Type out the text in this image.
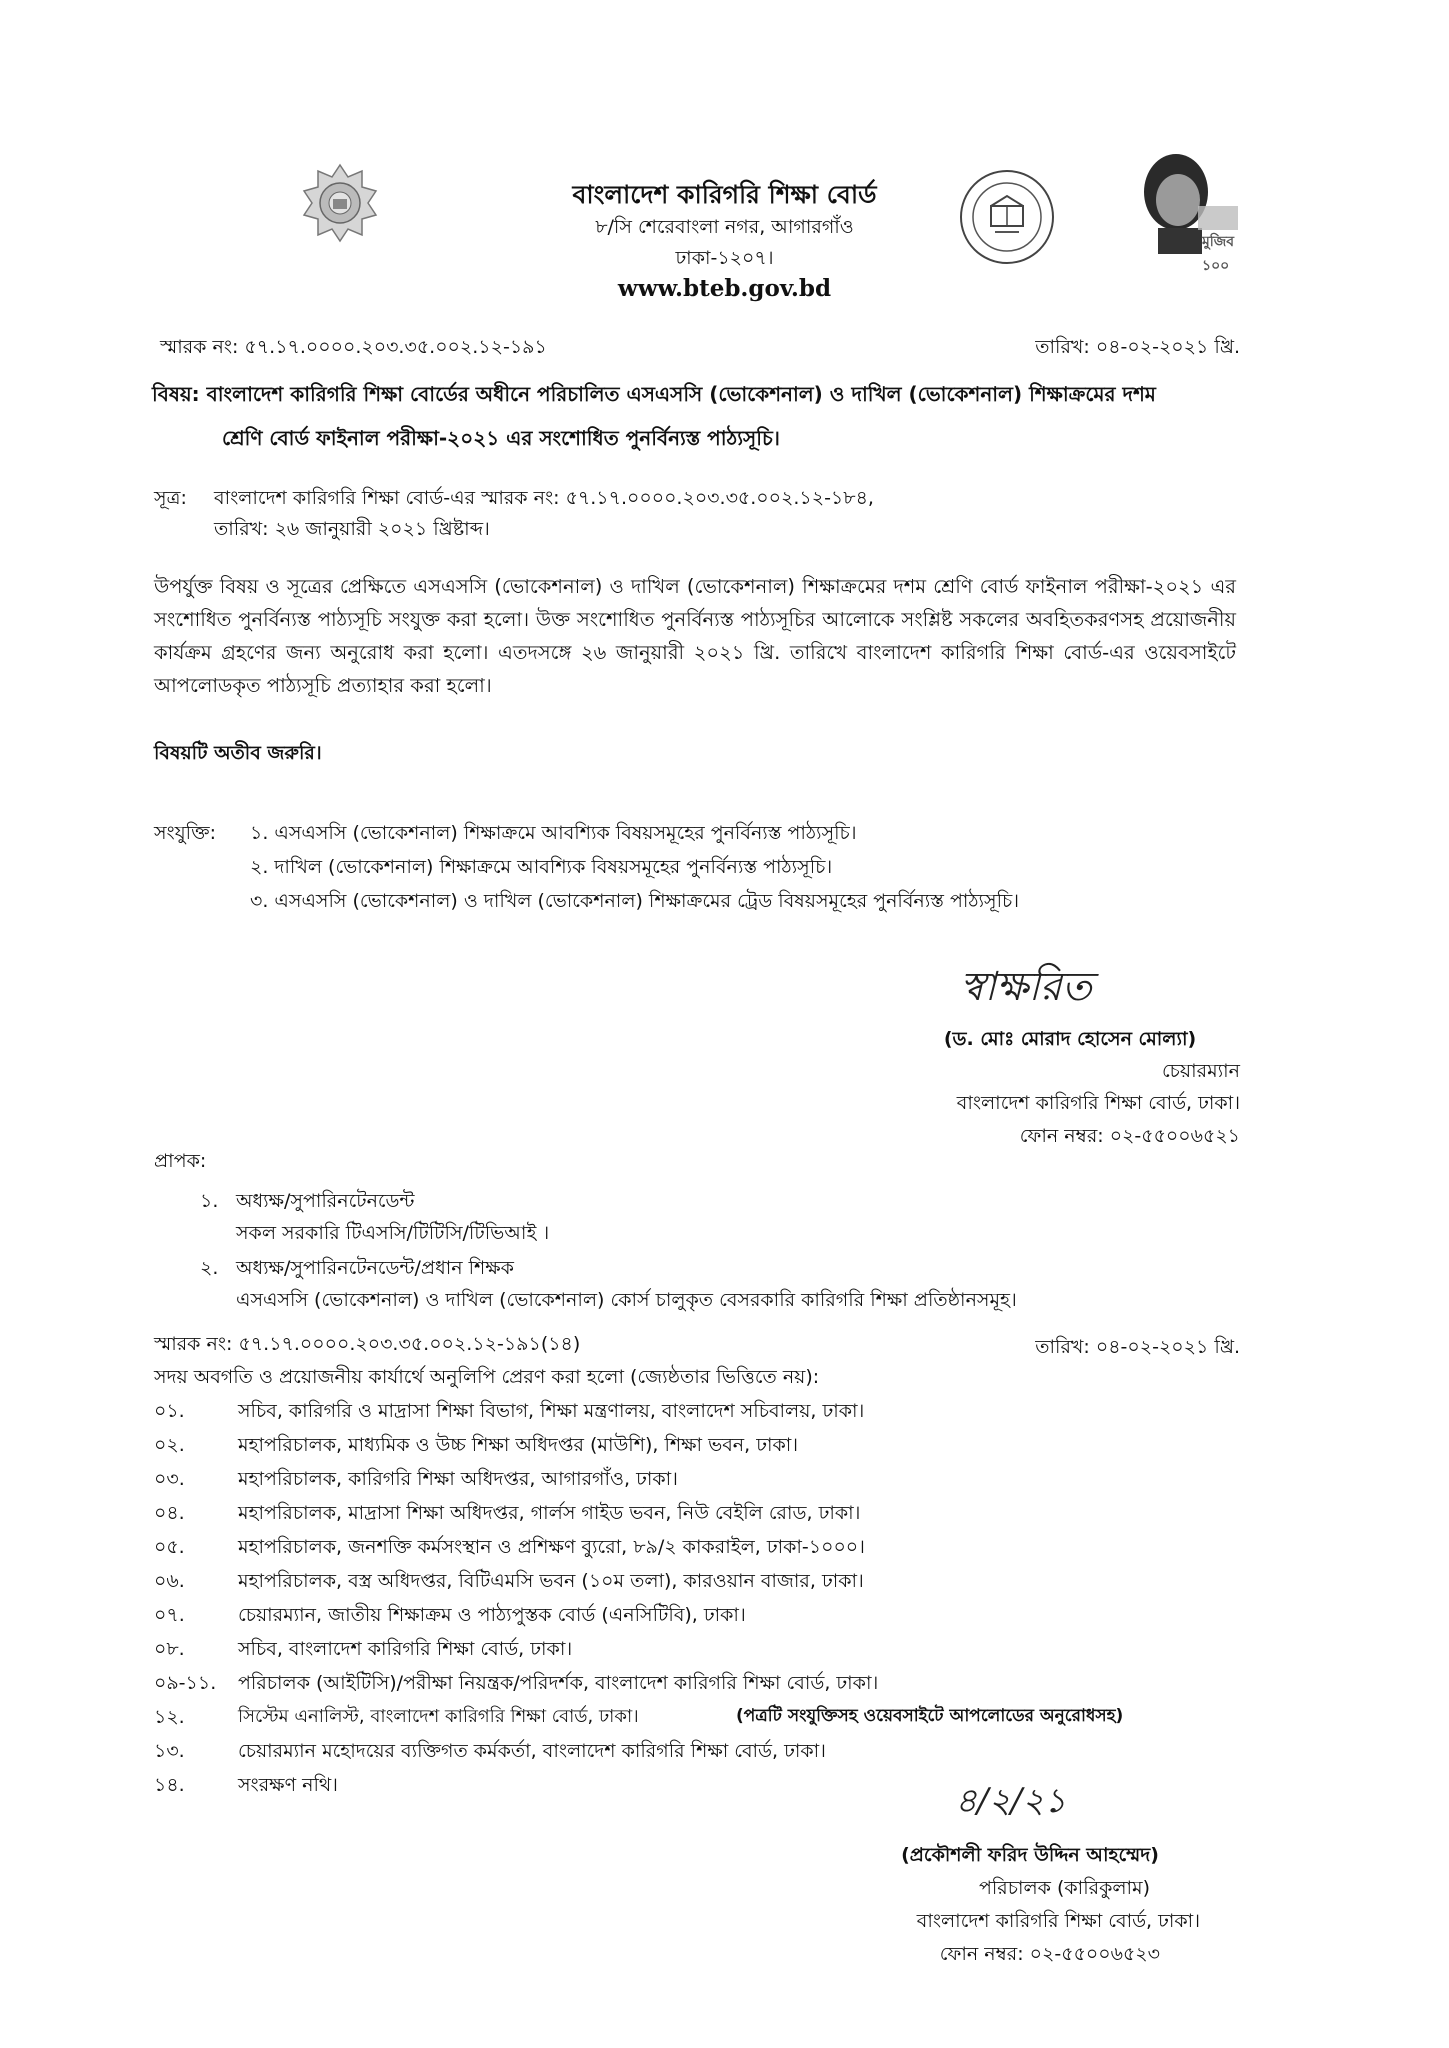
মুজিব ১০০
বাংলাদেশ কারিগরি শিক্ষা বোর্ড
৮/সি শেরেবাংলা নগর, আগারগাঁও
ঢাকা-১২০৭।
www.bteb.gov.bd
স্মারক নং: ৫৭.১৭.০০০০.২০৩.৩৫.০০২.১২-১৯১	তারিখ: ০৪-০২-২০২১ খ্রি.
বিষয়: বাংলাদেশ কারিগরি শিক্ষা বোর্ডের অধীনে পরিচালিত এসএসসি (ভোকেশনাল) ও দাখিল (ভোকেশনাল) শিক্ষাক্রমের দশম
শ্রেণি বোর্ড ফাইনাল পরীক্ষা-২০২১ এর সংশোধিত পুনর্বিন্যস্ত পাঠ্যসূচি।
সূত্র: বাংলাদেশ কারিগরি শিক্ষা বোর্ড-এর স্মারক নং: ৫৭.১৭.০০০০.২০৩.৩৫.০০২.১২-১৮৪,
তারিখ: ২৬ জানুয়ারী ২০২১ খ্রিষ্টাব্দ।
উপর্যুক্ত বিষয় ও সূত্রের প্রেক্ষিতে এসএসসি (ভোকেশনাল) ও দাখিল (ভোকেশনাল) শিক্ষাক্রমের দশম শ্রেণি বোর্ড ফাইনাল পরীক্ষা-২০২১ এর সংশোধিত পুনর্বিন্যস্ত পাঠ্যসূচি সংযুক্ত করা হলো। উক্ত সংশোধিত পুনর্বিন্যস্ত পাঠ্যসূচির আলোকে সংশ্লিষ্ট সকলের অবহিতকরণসহ প্রয়োজনীয় কার্যক্রম গ্রহণের জন্য অনুরোধ করা হলো। এতদসঙ্গে ২৬ জানুয়ারী ২০২১ খ্রি. তারিখে বাংলাদেশ কারিগরি শিক্ষা বোর্ড-এর ওয়েবসাইটে আপলোডকৃত পাঠ্যসূচি প্রত্যাহার করা হলো।
বিষয়টি অতীব জরুরি।
সংযুক্তি: ১. এসএসসি (ভোকেশনাল) শিক্ষাক্রমে আবশ্যিক বিষয়সমূহের পুনর্বিন্যস্ত পাঠ্যসূচি।
২. দাখিল (ভোকেশনাল) শিক্ষাক্রমে আবশ্যিক বিষয়সমূহের পুনর্বিন্যস্ত পাঠ্যসূচি।
৩. এসএসসি (ভোকেশনাল) ও দাখিল (ভোকেশনাল) শিক্ষাক্রমের ট্রেড বিষয়সমূহের পুনর্বিন্যস্ত পাঠ্যসূচি।
স্বাক্ষরিত
(ড. মোঃ মোরাদ হোসেন মোল্যা)
চেয়ারম্যান
বাংলাদেশ কারিগরি শিক্ষা বোর্ড, ঢাকা।
ফোন নম্বর: ০২-৫৫০০৬৫২১
প্রাপক:
১. অধ্যক্ষ/সুপারিনটেনডেন্ট
সকল সরকারি টিএসসি/টিটিসি/টিভিআই ।
২. অধ্যক্ষ/সুপারিনটেনডেন্ট/প্রধান শিক্ষক
এসএসসি (ভোকেশনাল) ও দাখিল (ভোকেশনাল) কোর্স চালুকৃত বেসরকারি কারিগরি শিক্ষা প্রতিষ্ঠানসমূহ।
স্মারক নং: ৫৭.১৭.০০০০.২০৩.৩৫.০০২.১২-১৯১(১৪)	তারিখ: ০৪-০২-২০২১ খ্রি.
সদয় অবগতি ও প্রয়োজনীয় কার্যার্থে অনুলিপি প্রেরণ করা হলো (জ্যেষ্ঠতার ভিত্তিতে নয়):
০১.	সচিব, কারিগরি ও মাদ্রাসা শিক্ষা বিভাগ, শিক্ষা মন্ত্রণালয়, বাংলাদেশ সচিবালয়, ঢাকা।
০২.	মহাপরিচালক, মাধ্যমিক ও উচ্চ শিক্ষা অধিদপ্তর (মাউশি), শিক্ষা ভবন, ঢাকা।
০৩.	মহাপরিচালক, কারিগরি শিক্ষা অধিদপ্তর, আগারগাঁও, ঢাকা।
০৪.	মহাপরিচালক, মাদ্রাসা শিক্ষা অধিদপ্তর, গার্লস গাইড ভবন, নিউ বেইলি রোড, ঢাকা।
০৫.	মহাপরিচালক, জনশক্তি কর্মসংস্থান ও প্রশিক্ষণ ব্যুরো, ৮৯/২ কাকরাইল, ঢাকা-১০০০।
০৬.	মহাপরিচালক, বস্ত্র অধিদপ্তর, বিটিএমসি ভবন (১০ম তলা), কারওয়ান বাজার, ঢাকা।
০৭.	চেয়ারম্যান, জাতীয় শিক্ষাক্রম ও পাঠ্যপুস্তক বোর্ড (এনসিটিবি), ঢাকা।
০৮.	সচিব, বাংলাদেশ কারিগরি শিক্ষা বোর্ড, ঢাকা।
০৯-১১. পরিচালক (আইটিসি)/পরীক্ষা নিয়ন্ত্রক/পরিদর্শক, বাংলাদেশ কারিগরি শিক্ষা বোর্ড, ঢাকা।
১২.	সিস্টেম এনালিস্ট, বাংলাদেশ কারিগরি শিক্ষা বোর্ড, ঢাকা।	(পত্রটি সংযুক্তিসহ ওয়েবসাইটে আপলোডের অনুরোধসহ)
১৩.	চেয়ারম্যান মহোদয়ের ব্যক্তিগত কর্মকর্তা, বাংলাদেশ কারিগরি শিক্ষা বোর্ড, ঢাকা।
১৪.	সংরক্ষণ নথি।	৪/২/২১
(প্রকৌশলী ফরিদ উদ্দিন আহম্মেদ)
পরিচালক (কারিকুলাম)
বাংলাদেশ কারিগরি শিক্ষা বোর্ড, ঢাকা।
ফোন নম্বর: ০২-৫৫০০৬৫২৩
